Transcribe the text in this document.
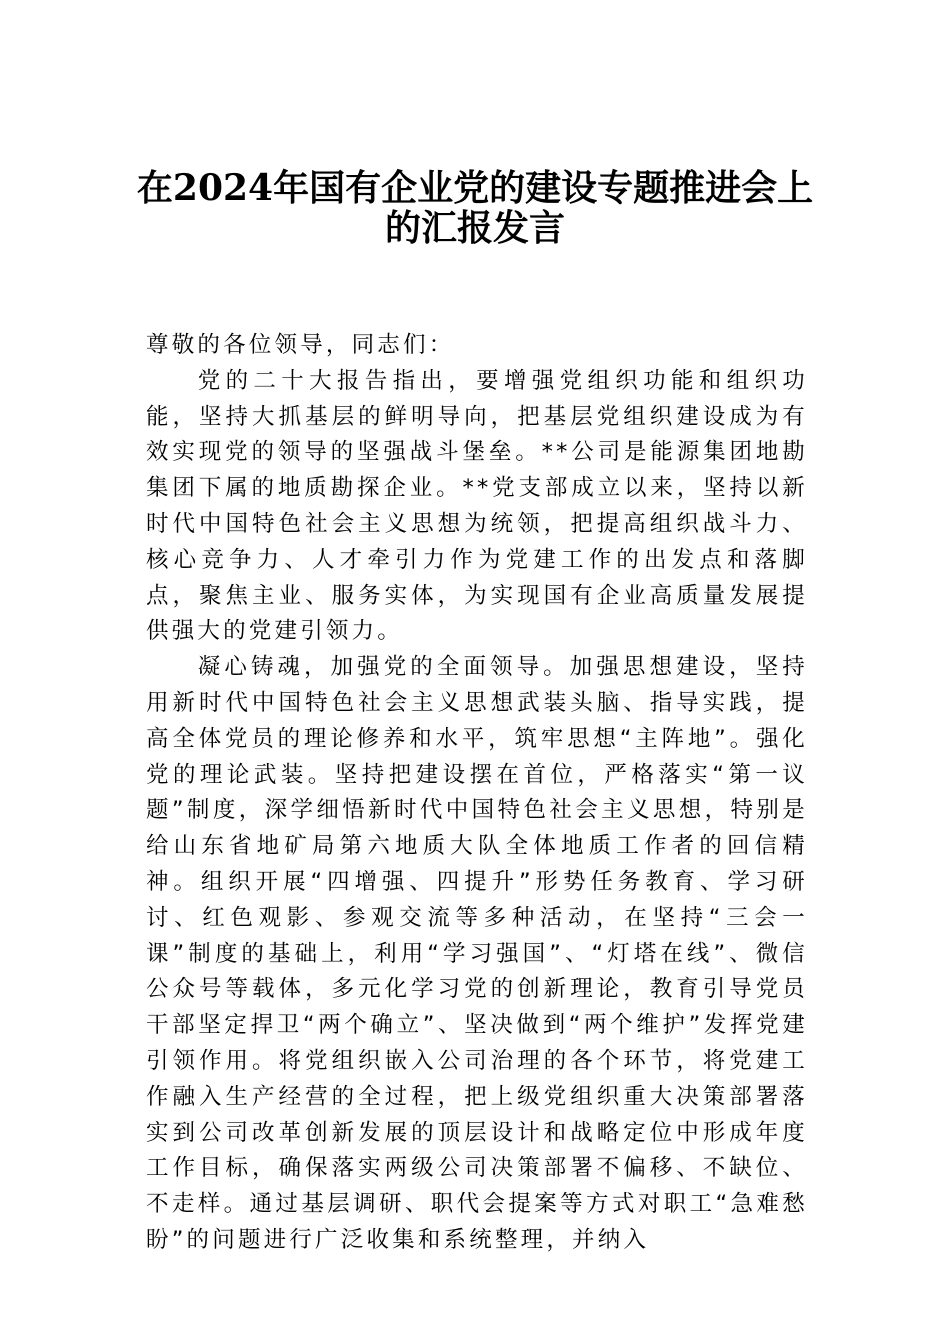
在2024年国有企业党的建设专题推进会上
的汇报发言

尊敬的各位领导，同志们：

党的二十大报告指出，要增强党组织功能和组织功能，坚持大抓基层的鲜明导向，把基层党组织建设成为有效实现党的领导的坚强战斗堡垒。**公司是能源集团地勘集团下属的地质勘探企业。**党支部成立以来，坚持以新时代中国特色社会主义思想为统领，把提高组织战斗力、核心竞争力、人才牵引力作为党建工作的出发点和落脚点，聚焦主业、服务实体，为实现国有企业高质量发展提供强大的党建引领力。

凝心铸魂，加强党的全面领导。加强思想建设，坚持用新时代中国特色社会主义思想武装头脑、指导实践，提高全体党员的理论修养和水平，筑牢思想“主阵地”。强化党的理论武装。坚持把建设摆在首位，严格落实“第一议题”制度，深学细悟新时代中国特色社会主义思想，特别是给山东省地矿局第六地质大队全体地质工作者的回信精神。组织开展“四增强、四提升”形势任务教育、学习研讨、红色观影、参观交流等多种活动，在坚持“三会一课”制度的基础上，利用“学习强国”、“灯塔在线”、微信公众号等载体，多元化学习党的创新理论，教育引导党员干部坚定捍卫“两个确立”、坚决做到“两个维护”发挥党建引领作用。将党组织嵌入公司治理的各个环节，将党建工作融入生产经营的全过程，把上级党组织重大决策部署落实到公司改革创新发展的顶层设计和战略定位中形成年度工作目标，确保落实两级公司决策部署不偏移、不缺位、不走样。通过基层调研、职代会提案等方式对职工“急难愁盼”的问题进行广泛收集和系统整理，并纳入
